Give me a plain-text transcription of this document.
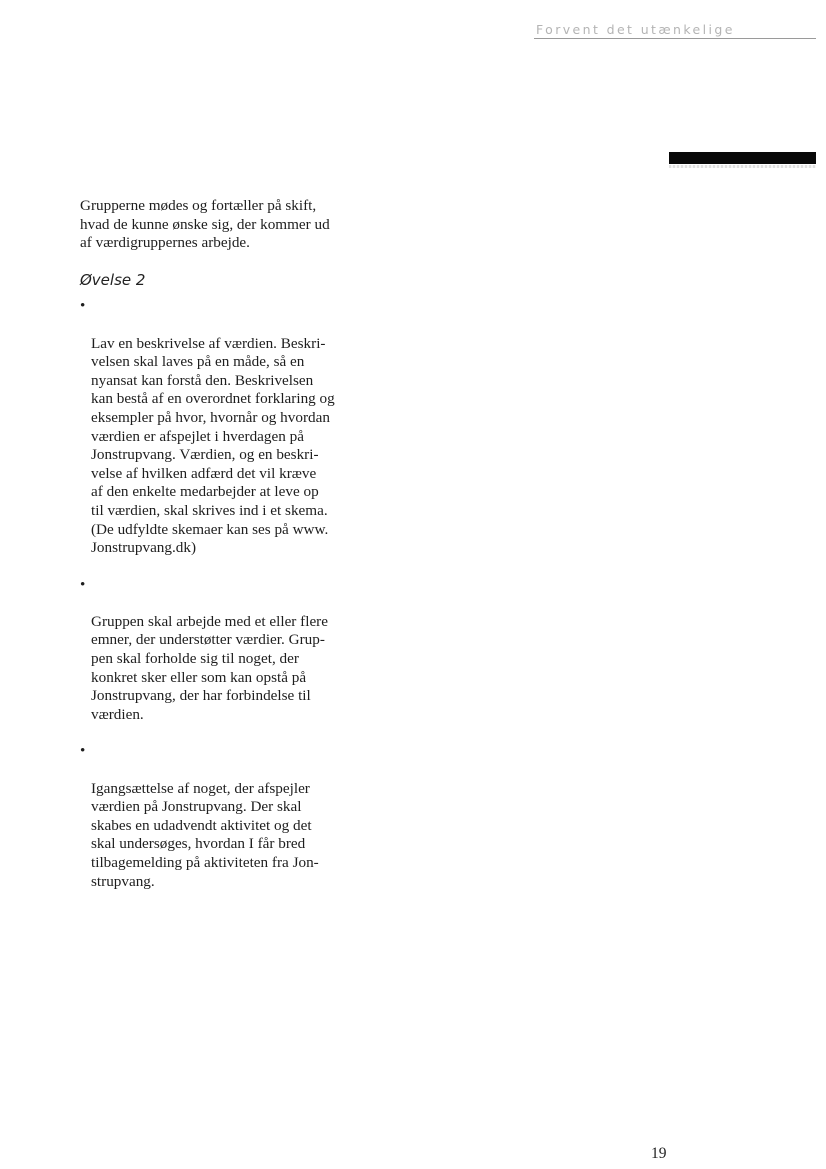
Forvent det utænkelige

Grupperne mødes og fortæller på skift,
hvad de kunne ønske sig, der kommer ud
af værdigruppernes arbejde.

Øvelse 2

•

Lav en beskrivelse af værdien. Beskri-
velsen skal laves på en måde, så en
nyansat kan forstå den. Beskrivelsen
kan bestå af en overordnet forklaring og
eksempler på hvor, hvornår og hvordan
værdien er afspejlet i hverdagen på
Jonstrupvang. Værdien, og en beskri-
velse af hvilken adfærd det vil kræve
af den enkelte medarbejder at leve op
til værdien, skal skrives ind i et skema.
(De udfyldte skemaer kan ses på www.
Jonstrupvang.dk)

•

Gruppen skal arbejde med et eller flere
emner, der understøtter værdier. Grup-
pen skal forholde sig til noget, der
konkret sker eller som kan opstå på
Jonstrupvang, der har forbindelse til
værdien.

•

Igangsættelse af noget, der afspejler
værdien på Jonstrupvang. Der skal
skabes en udadvendt aktivitet og det
skal undersøges, hvordan I får bred
tilbagemelding på aktiviteten fra Jon-
strupvang.

19
